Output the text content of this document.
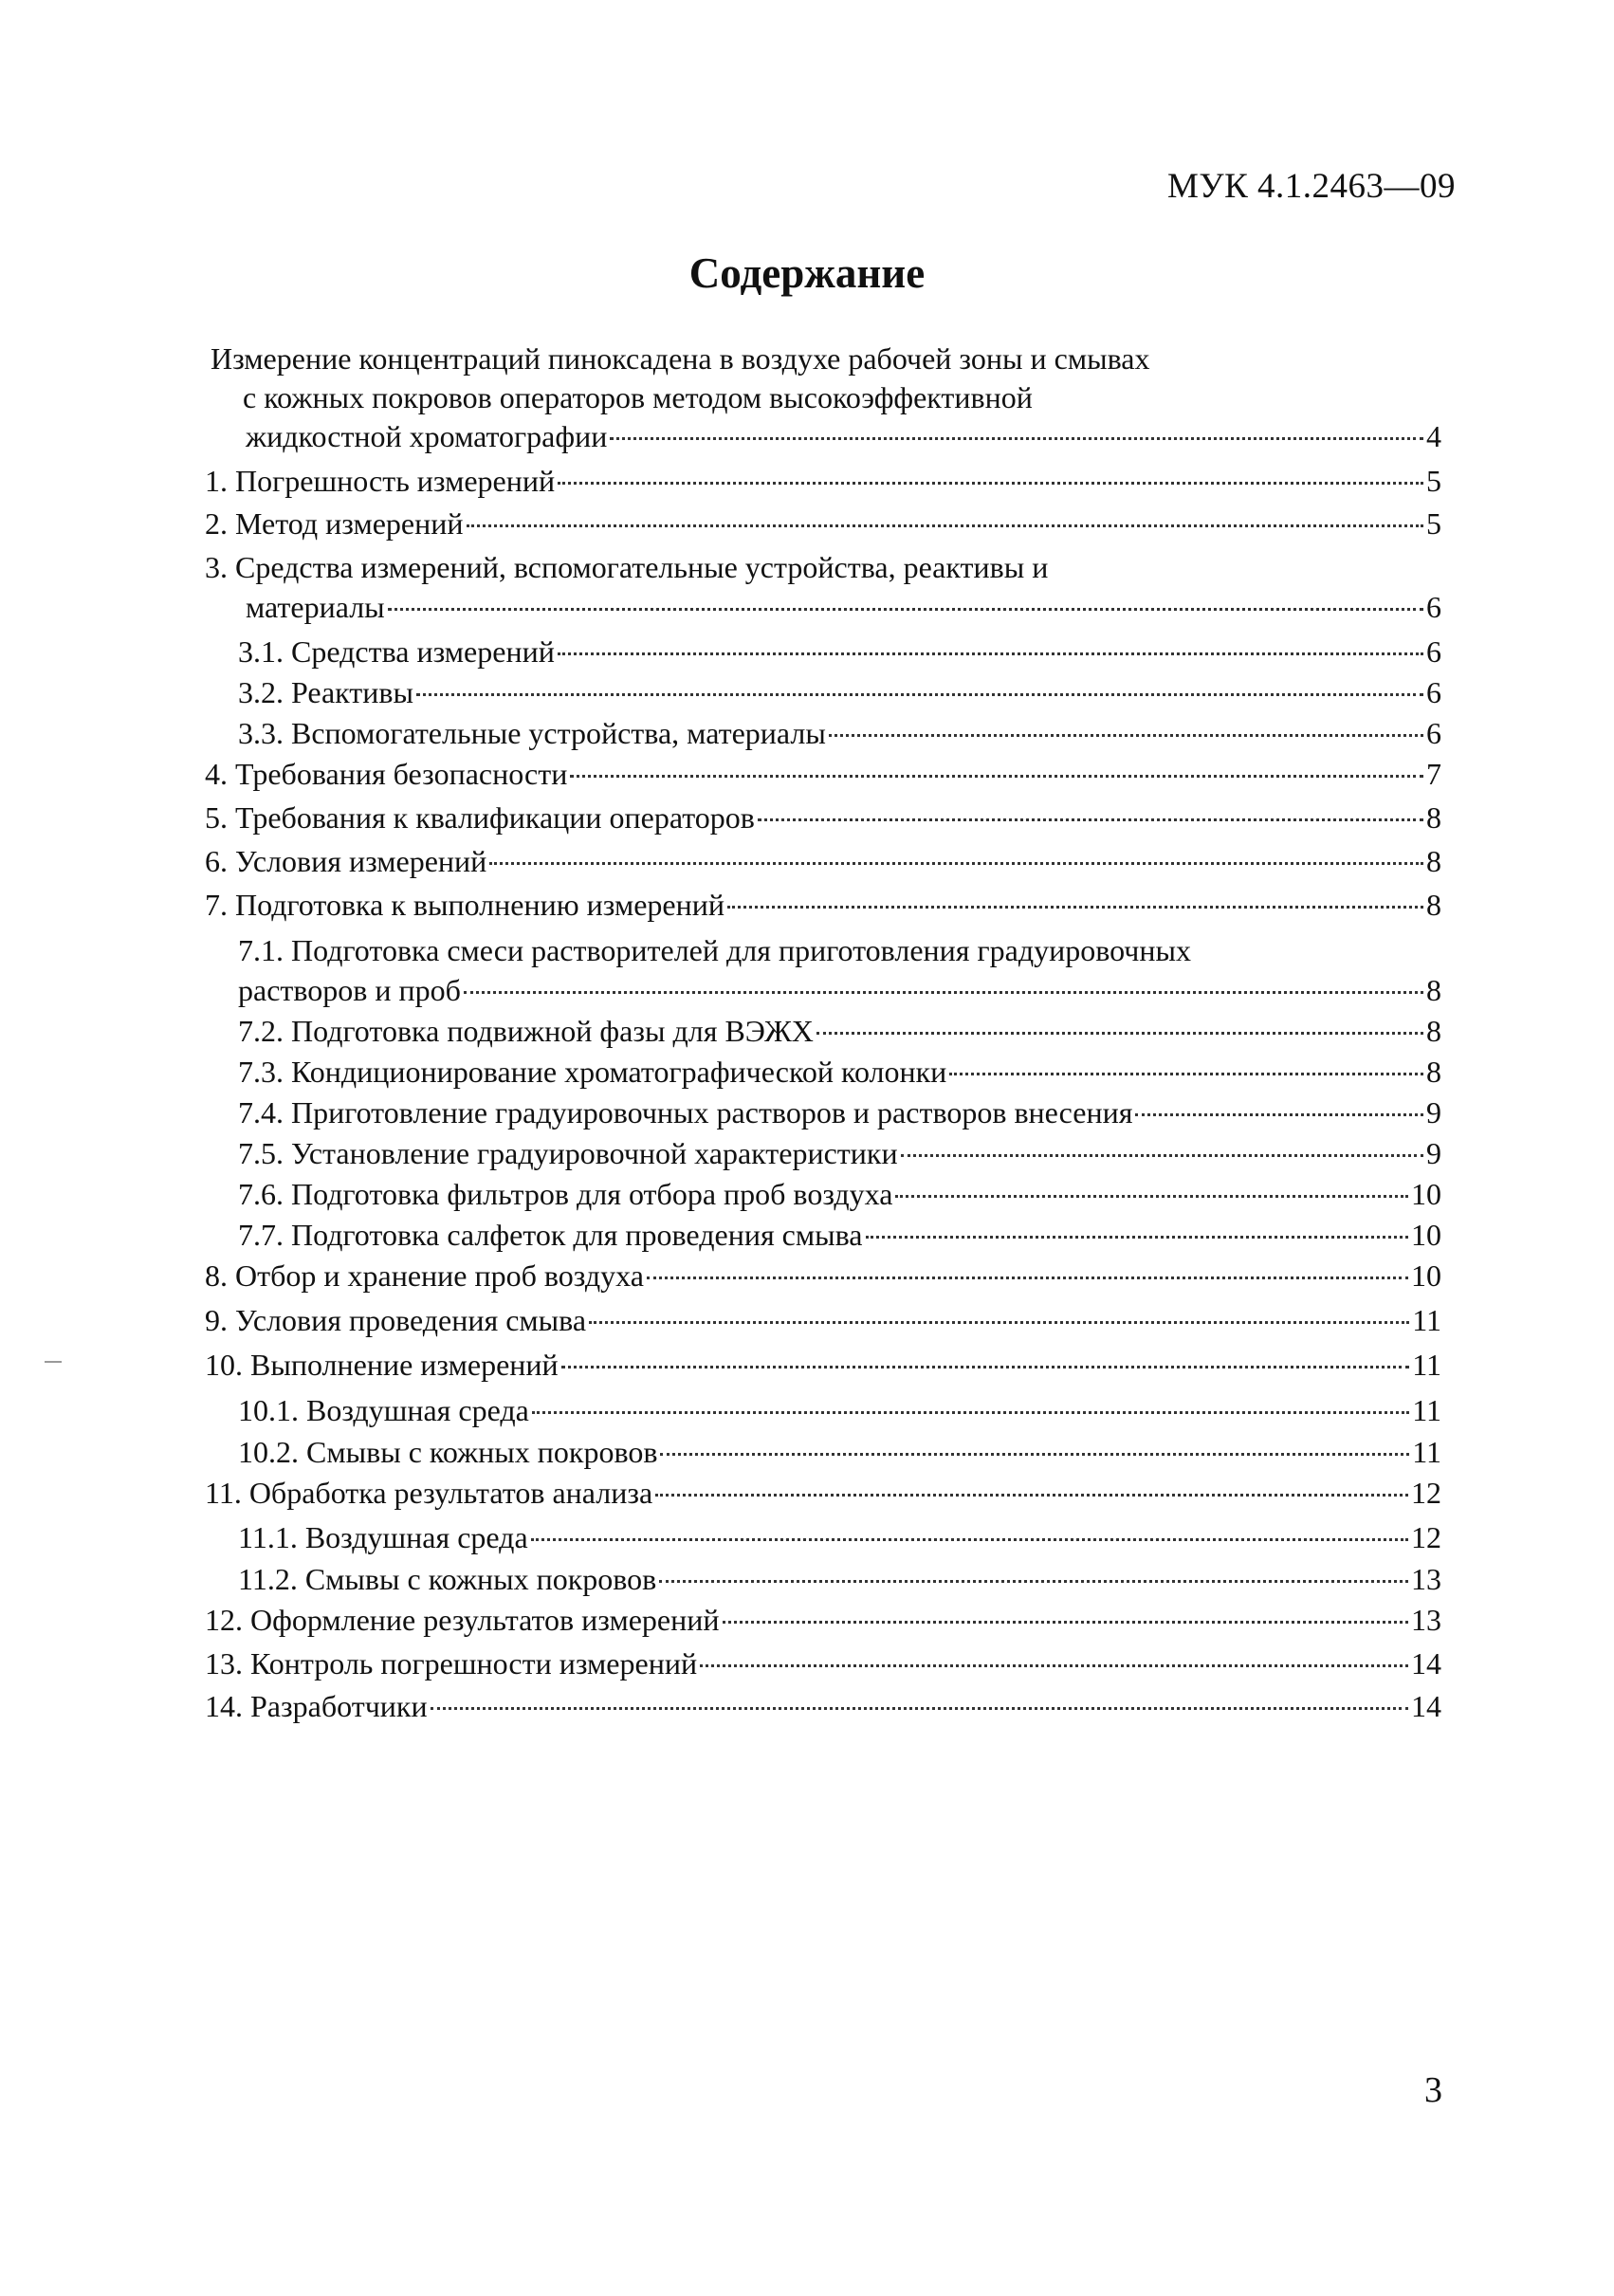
МУК 4.1.2463—09
Содержание
Измерение концентраций пиноксадена в воздухе рабочей зоны и смывах
с кожных покровов операторов методом высокоэффективной
жидкостной хроматографии	4
1. Погрешность измерений	5
2. Метод измерений	5
3. Средства измерений, вспомогательные устройства, реактивы и
материалы	6
3.1. Средства измерений	6
3.2. Реактивы	6
3.3. Вспомогательные устройства, материалы	6
4. Требования безопасности	7
5. Требования к квалификации операторов	8
6. Условия измерений	8
7. Подготовка к выполнению измерений	8
7.1. Подготовка смеси растворителей для приготовления градуировочных
растворов и проб	8
7.2. Подготовка подвижной фазы для ВЭЖХ	8
7.3. Кондиционирование хроматографической колонки	8
7.4. Приготовление градуировочных растворов и растворов внесения	9
7.5. Установление градуировочной характеристики	9
7.6. Подготовка фильтров для отбора проб воздуха	10
7.7. Подготовка салфеток для проведения смыва	10
8. Отбор и хранение проб воздуха	10
9. Условия проведения смыва	11
10. Выполнение измерений	11
10.1. Воздушная среда	11
10.2. Смывы с кожных покровов	11
11. Обработка результатов анализа	12
11.1. Воздушная среда	12
11.2. Смывы с кожных покровов	13
12. Оформление результатов измерений	13
13. Контроль погрешности измерений	14
14. Разработчики	14
3
